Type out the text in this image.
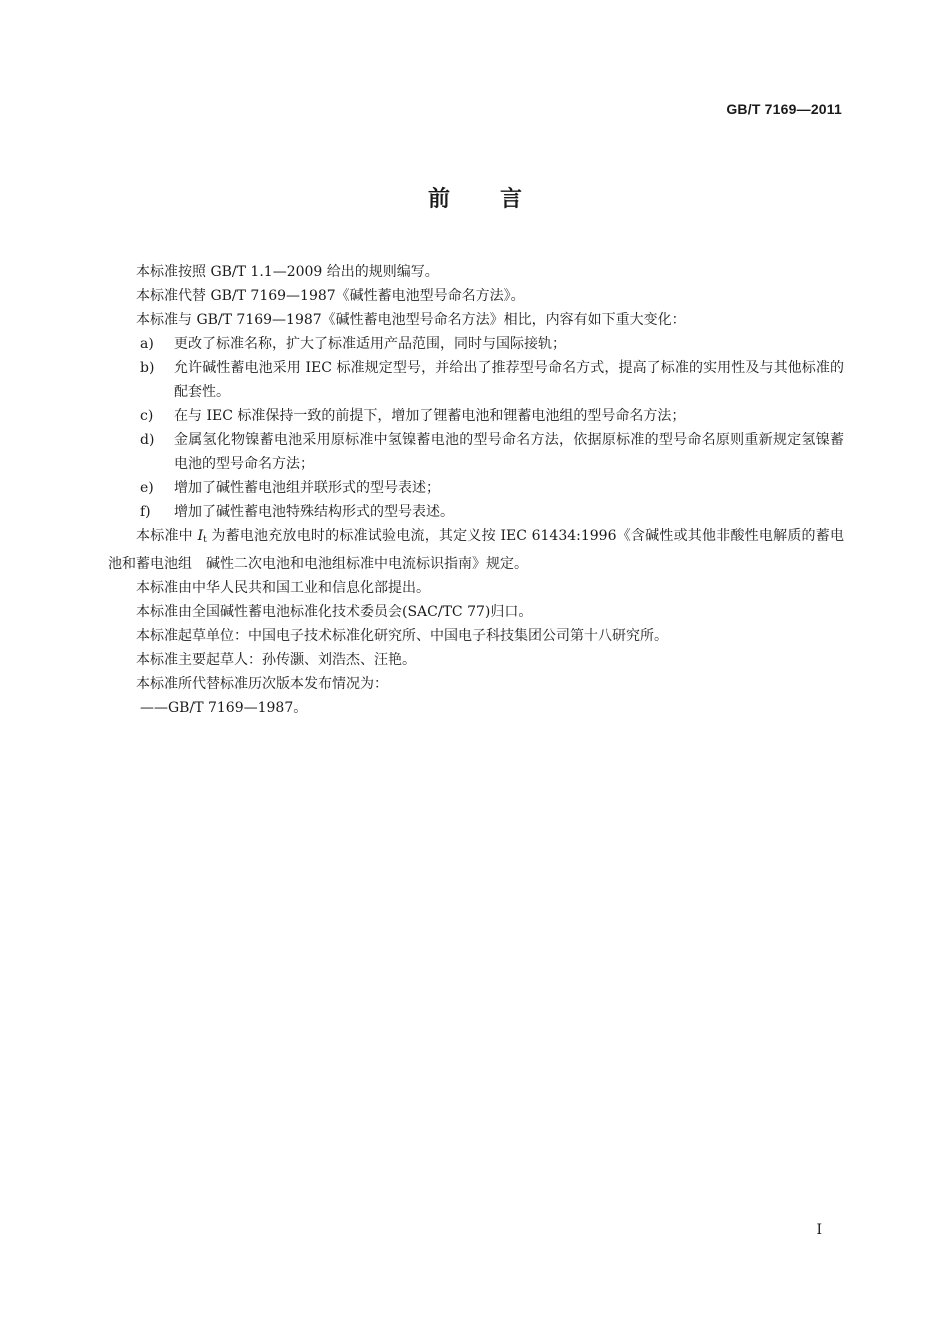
GB/T 7169—2011
前言

本标准按照 GB/T 1.1—2009 给出的规则编写。

本标准代替 GB/T 7169—1987《碱性蓄电池型号命名方法》。

本标准与 GB/T 7169—1987《碱性蓄电池型号命名方法》相比，内容有如下重大变化：

a)	更改了标准名称，扩大了标准适用产品范围，同时与国际接轨；
b)	允许碱性蓄电池采用 IEC 标准规定型号，并给出了推荐型号命名方式，提高了标准的实用性及与其他标准的配套性。
c)	在与 IEC 标准保持一致的前提下，增加了锂蓄电池和锂蓄电池组的型号命名方法；
d)	金属氢化物镍蓄电池采用原标准中氢镍蓄电池的型号命名方法，依据原标准的型号命名原则重新规定氢镍蓄电池的型号命名方法；
e)	增加了碱性蓄电池组并联形式的型号表述；
f)	增加了碱性蓄电池特殊结构形式的型号表述。

本标准中 It 为蓄电池充放电时的标准试验电流，其定义按 IEC 61434:1996《含碱性或其他非酸性电解质的蓄电池和蓄电池组　碱性二次电池和电池组标准中电流标识指南》规定。

本标准由中华人民共和国工业和信息化部提出。

本标准由全国碱性蓄电池标准化技术委员会(SAC/TC 77)归口。

本标准起草单位：中国电子技术标准化研究所、中国电子科技集团公司第十八研究所。

本标准主要起草人：孙传灏、刘浩杰、汪艳。

本标准所代替标准历次版本发布情况为：

——GB/T 7169—1987。

I
